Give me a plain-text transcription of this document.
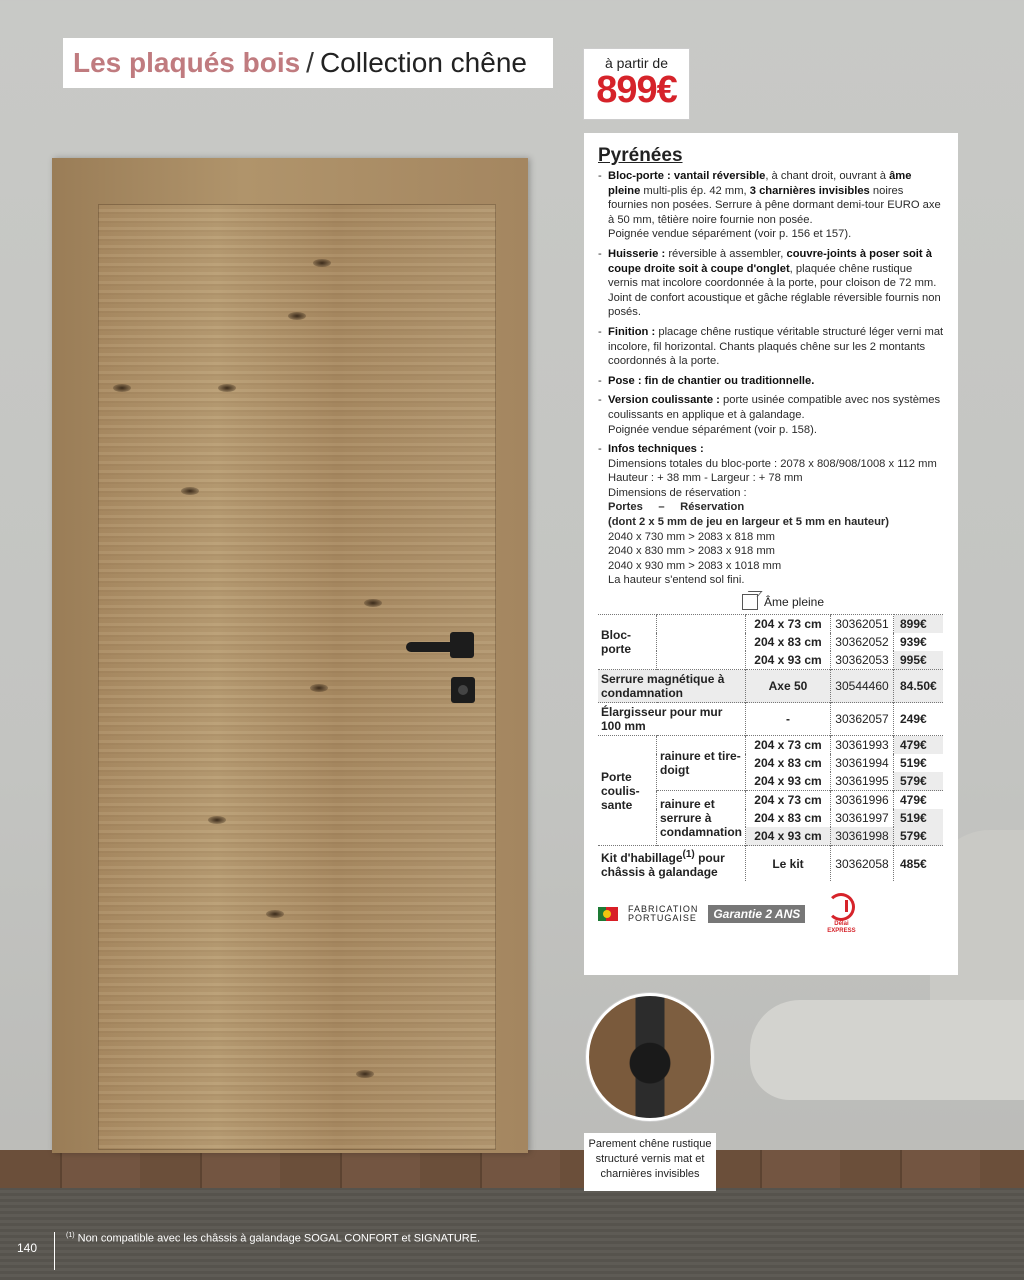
Les plaqués bois / Collection chêne	à partir de
899€
Pyrénées
- Bloc-porte : vantail réversible, à chant droit, ouvrant à âme pleine multi-plis ép. 42 mm, 3 charnières invisibles noires fournies non posées. Serrure à pêne dormant demi-tour EURO axe à 50 mm, têtière noire fournie non posée.
Poignée vendue séparément (voir p. 156 et 157).
- Huisserie : réversible à assembler, couvre-joints à poser soit à coupe droite soit à coupe d'onglet, plaquée chêne rustique vernis mat incolore coordonnée à la porte, pour cloison de 72 mm. Joint de confort acoustique et gâche réglable réversible fournis non posés.
- Finition : placage chêne rustique véritable structuré léger verni mat incolore, fil horizontal. Chants plaqués chêne sur les 2 montants coordonnés à la porte.
- Pose : fin de chantier ou traditionnelle.
- Version coulissante : porte usinée compatible avec nos systèmes coulissants en applique et à galandage.
Poignée vendue séparément (voir p. 158).
- Infos techniques :
Dimensions totales du bloc-porte : 2078 x 808/908/1008 x 112 mm
Hauteur : + 38 mm - Largeur : + 78 mm
Dimensions de réservation :
Portes     –     Réservation
(dont 2 x 5 mm de jeu en largeur et 5 mm en hauteur)
2040 x 730 mm > 2083 x 818 mm
2040 x 830 mm > 2083 x 918 mm
2040 x 930 mm > 2083 x 1018 mm
La hauteur s'entend sol fini.
Âme pleine
Bloc-porte		204 x 73 cm	30362051	899€
		204 x 83 cm	30362052	939€
		204 x 93 cm	30362053	995€
Serrure magnétique à condamnation		Axe 50	30544460	84.50€
Élargisseur pour mur 100 mm		-	30362057	249€
Porte coulis-sante	rainure et tire-doigt	204 x 73 cm	30361993	479€
		204 x 83 cm	30361994	519€
		204 x 93 cm	30361995	579€
	rainure et serrure à condamnation	204 x 73 cm	30361996	479€
		204 x 83 cm	30361997	519€
		204 x 93 cm	30361998	579€
Kit d'habillage$^{(1)}$ pour châssis à galandage		Le kit	30362058	485€
FABRICATION
PORTUGAISE	Garantie 2 ANS
Délai
EXPRESS
Parement chêne rustique structuré vernis mat et charnières invisibles
140
$^{(1)}$ Non compatible avec les châssis à galandage SOGAL CONFORT et SIGNATURE.
